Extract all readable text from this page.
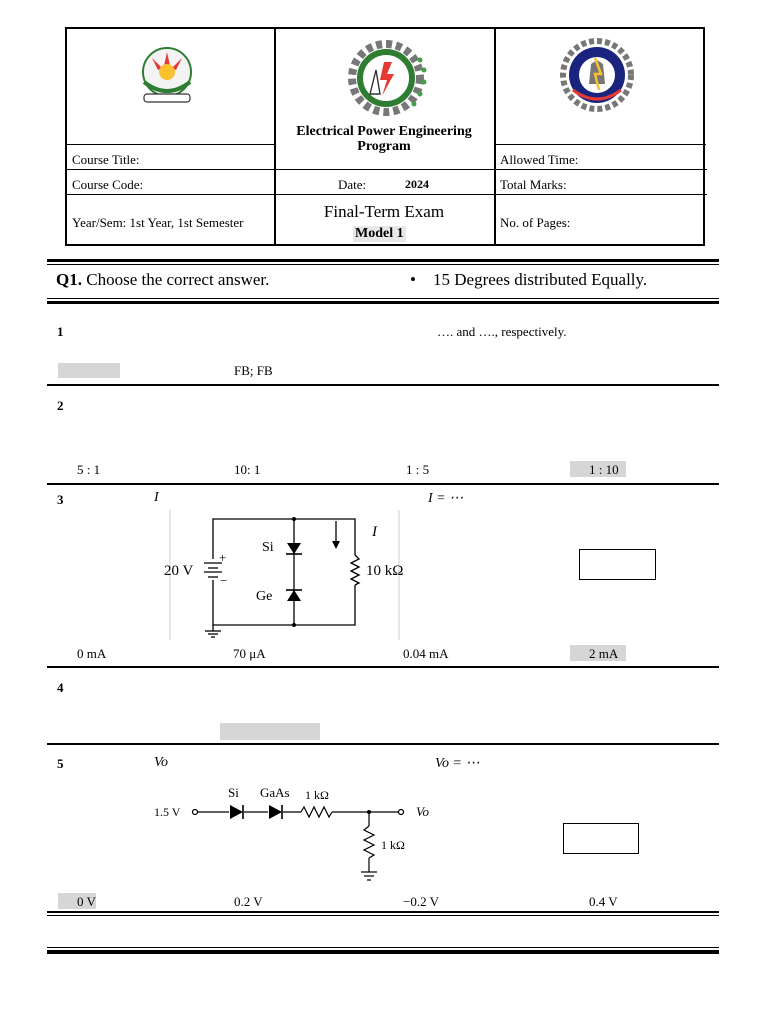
Course Title:
Course Code:
Year/Sem: 1st Year, 1st Semester
Electrical Power Engineering
Program
Date:	2024
Final-Term Exam
Model 1
Allowed Time:
Total Marks:
No. of Pages:
Q1. Choose the correct answer.	• 15 Degrees distributed Equally.
1	…. and …., respectively.
FB; FB
2
5 : 1	10: 1	1 : 5	1 : 10
3	I	I = ⋯
20 V
+
−
Si
Ge
10 kΩ
I
0 mA	70 μA	0.04 mA	2 mA
4
5	Vo	Vo = ⋯
1.5 V
Si GaAs 1 kΩ
1 kΩ
Vo
0 V	0.2 V	−0.2 V	0.4 V
